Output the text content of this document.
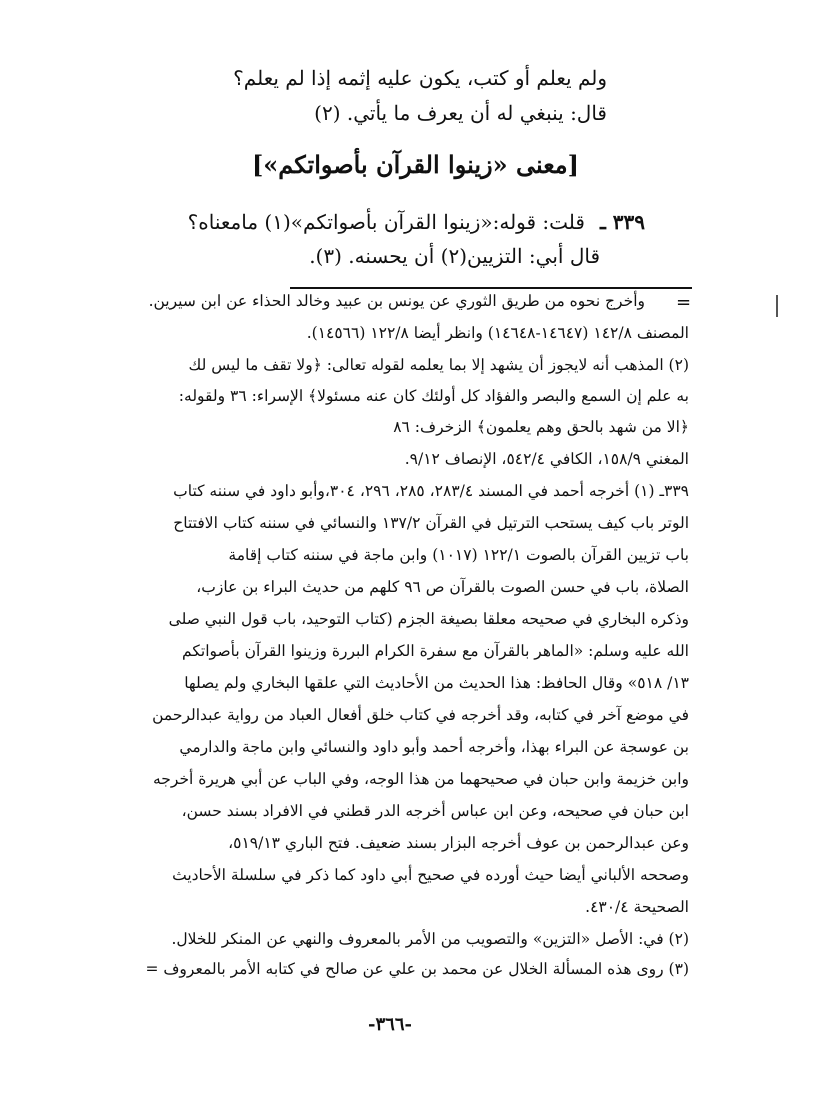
ولم يعلم أو كتب، يكون عليه إثمه إذا لم يعلم؟
قال: ينبغي له أن يعرف ما يأتي. (٢)
[معنى «زينوا القرآن بأصواتكم»]
٣٣٩ ـ
قلت: قوله:«زينوا القرآن بأصواتكم»(١) مامعناه؟
قال أبي: التزيين(٢) أن يحسنه. (٣).
=
وأخرج نحوه من طريق الثوري عن يونس بن عبيد وخالد الحذاء عن ابن سيرين.
المصنف ١٤٢/٨ (١٤٦٤٧-١٤٦٤٨) وانظر أيضا ١٢٢/٨ (١٤٥٦٦).
(٢) المذهب أنه لايجوز أن يشهد إلا بما يعلمه لقوله تعالى: ﴿ولا تقف ما ليس لك
به علم إن السمع والبصر والفؤاد كل أولئك كان عنه مسئولا﴾ الإسراء: ٣٦ ولقوله:
﴿الا من شهد بالحق وهم يعلمون﴾ الزخرف: ٨٦
المغني ١٥٨/٩، الكافي ٥٤٢/٤، الإنصاف ٩/١٢.
٣٣٩ـ (١) أخرجه أحمد في المسند ٢٨٣/٤، ٢٨٥، ٢٩٦، ٣٠٤،وأبو داود في سننه كتاب
الوتر باب كيف يستحب الترتيل في القرآن ١٣٧/٢ والنسائي في سننه كتاب الافتتاح
باب تزيين القرآن بالصوت ١٢٢/١ (١٠١٧) وابن ماجة في سننه كتاب إقامة
الصلاة، باب في حسن الصوت بالقرآن ص ٩٦ كلهم من حديث البراء بن عازب،
وذكره البخاري في صحيحه معلقا بصيغة الجزم (كتاب التوحيد، باب قول النبي صلى
الله عليه وسلم: «الماهر بالقرآن مع سفرة الكرام البررة وزينوا القرآن بأصواتكم
١٣/ ٥١٨» وقال الحافظ: هذا الحديث من الأحاديث التي علقها البخاري ولم يصلها
في موضع آخر في كتابه، وقد أخرجه في كتاب خلق أفعال العباد من رواية عبدالرحمن
بن عوسجة عن البراء بهذا، وأخرجه أحمد وأبو داود والنسائي وابن ماجة والدارمي
وابن خزيمة وابن حبان في صحيحهما من هذا الوجه، وفي الباب عن أبي هريرة أخرجه
ابن حبان في صحيحه، وعن ابن عباس أخرجه الدر قطني في الافراد بسند حسن،
وعن عبدالرحمن بن عوف أخرجه البزار بسند ضعيف. فتح الباري ٥١٩/١٣،
وصححه الألباني أيضا حيث أورده في صحيح أبي داود كما ذكر في سلسلة الأحاديث
الصحيحة ٤٣٠/٤.
(٢) في: الأصل «التزين» والتصويب من الأمر بالمعروف والنهي عن المنكر للخلال.
(٣) روى هذه المسألة الخلال عن محمد بن علي عن صالح في كتابه الأمر بالمعروف =
-٣٦٦-
